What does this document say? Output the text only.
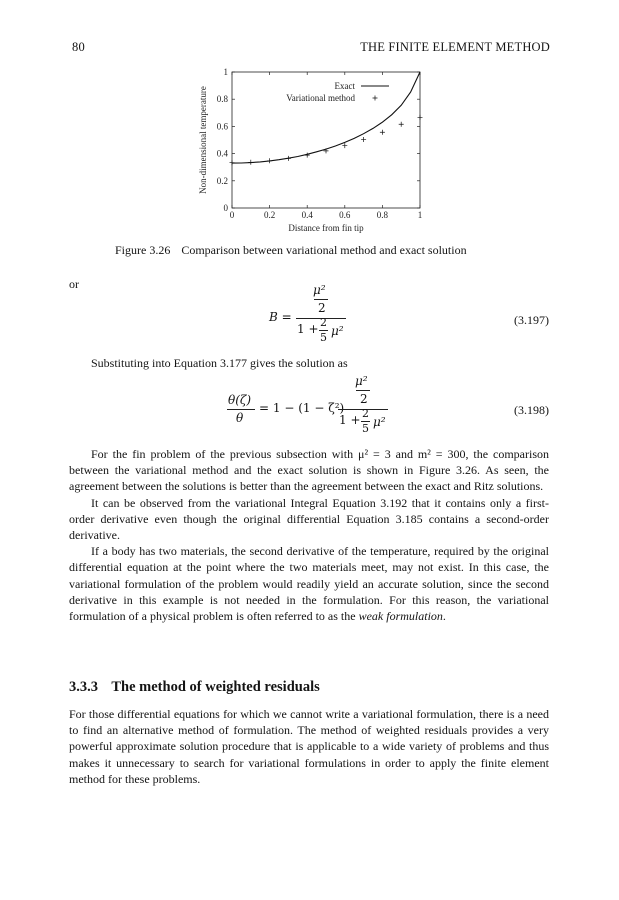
80	THE FINITE ELEMENT METHOD
0	0.2	0.4	0.6	0.8	1
0
0.2
0.4
0.6
0.8
1
Distance from fin tip
Non-dimensional temperature
Exact
Variational method
Figure 3.26 Comparison between variational method and exact solution
or
B =
μ²
2
1 + 2
5 μ²
(3.197)
Substituting into Equation 3.177 gives the solution as
θ(ζ)
θ
= 1 − (1 − ζ²)
μ²
2
1 + 2
5 μ²
(3.198)

For the fin problem of the previous subsection with μ² = 3 and m² = 300, the comparison between the variational method and the exact solution is shown in Figure 3.26. As seen, the agreement between the solutions is better than the agreement between the exact and Ritz solutions.

It can be observed from the variational Integral Equation 3.192 that it contains only a first-order derivative even though the original differential Equation 3.185 contains a second-order derivative.

If a body has two materials, the second derivative of the temperature, required by the original differential equation at the point where the two materials meet, may not exist. In this case, the variational formulation of the problem would readily yield an accurate solution, since the second derivative in this example is not needed in the formulation. For this reason, the variational formulation of a physical problem is often referred to as the weak formulation.

3.3.3 The method of weighted residuals

For those differential equations for which we cannot write a variational formulation, there is a need to find an alternative method of formulation. The method of weighted residuals provides a very powerful approximate solution procedure that is applicable to a wide variety of problems and thus makes it unnecessary to search for variational formulations in order to apply the finite element method for these problems.
